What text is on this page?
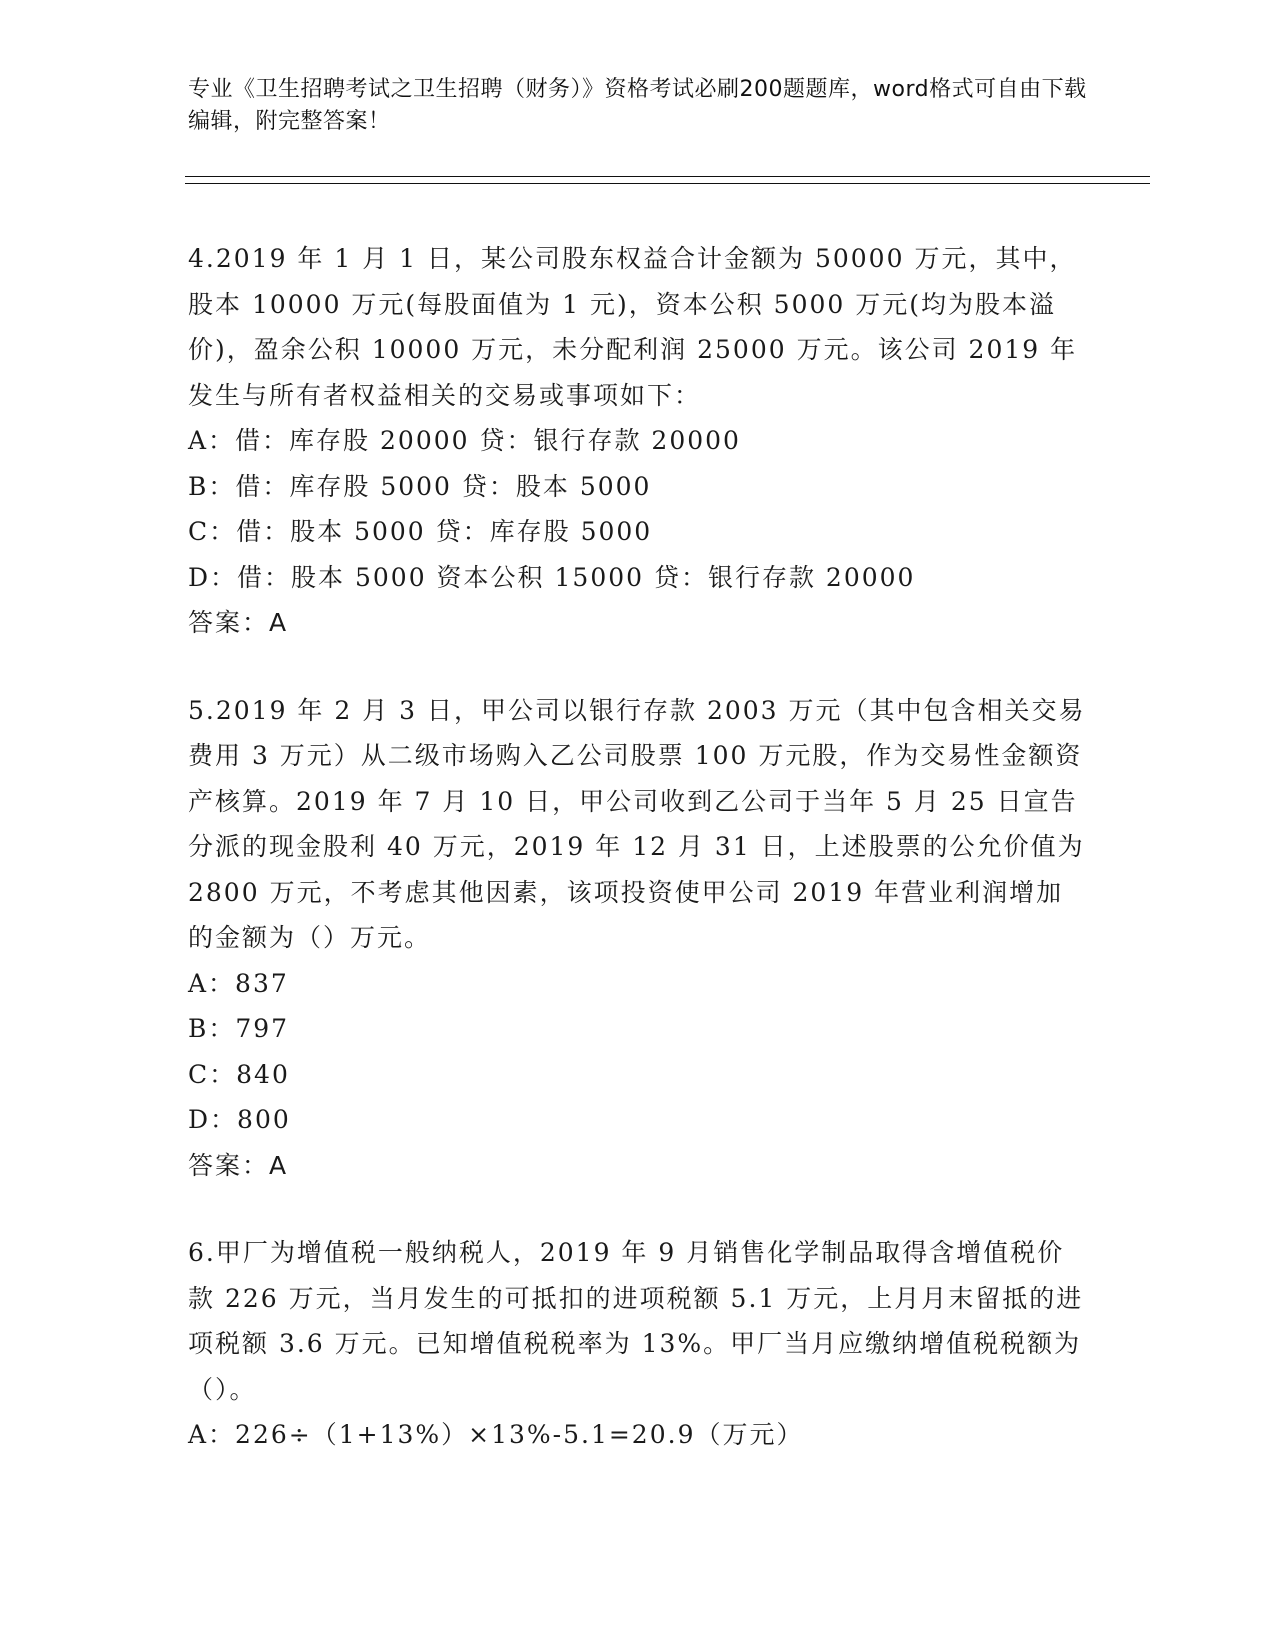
专业《卫生招聘考试之卫生招聘（财务）》资格考试必刷200题题库，word格式可自由下载编辑，附完整答案！
4.2019 年 1 月 1 日，某公司股东权益合计金额为 50000 万元，其中，股本 10000 万元(每股面值为 1 元)，资本公积 5000 万元(均为股本溢价)，盈余公积 10000 万元，未分配利润 25000 万元。该公司 2019 年发生与所有者权益相关的交易或事项如下：
A：借：库存股 20000 贷：银行存款 20000
B：借：库存股 5000 贷：股本 5000
C：借：股本 5000 贷：库存股 5000
D：借：股本 5000 资本公积 15000 贷：银行存款 20000
答案：A
5.2019 年 2 月 3 日，甲公司以银行存款 2003 万元（其中包含相关交易费用 3 万元）从二级市场购入乙公司股票 100 万元股，作为交易性金额资产核算。2019 年 7 月 10 日，甲公司收到乙公司于当年 5 月 25 日宣告分派的现金股利 40 万元，2019 年 12 月 31 日，上述股票的公允价值为 2800 万元，不考虑其他因素，该项投资使甲公司 2019 年营业利润增加的金额为（）万元。
A：837
B：797
C：840
D：800
答案：A
6.甲厂为增值税一般纳税人，2019 年 9 月销售化学制品取得含增值税价款 226 万元，当月发生的可抵扣的进项税额 5.1 万元，上月月末留抵的进项税额 3.6 万元。已知增值税税率为 13%。甲厂当月应缴纳增值税税额为（）。
A：226÷（1+13%）×13%-5.1=20.9（万元）
